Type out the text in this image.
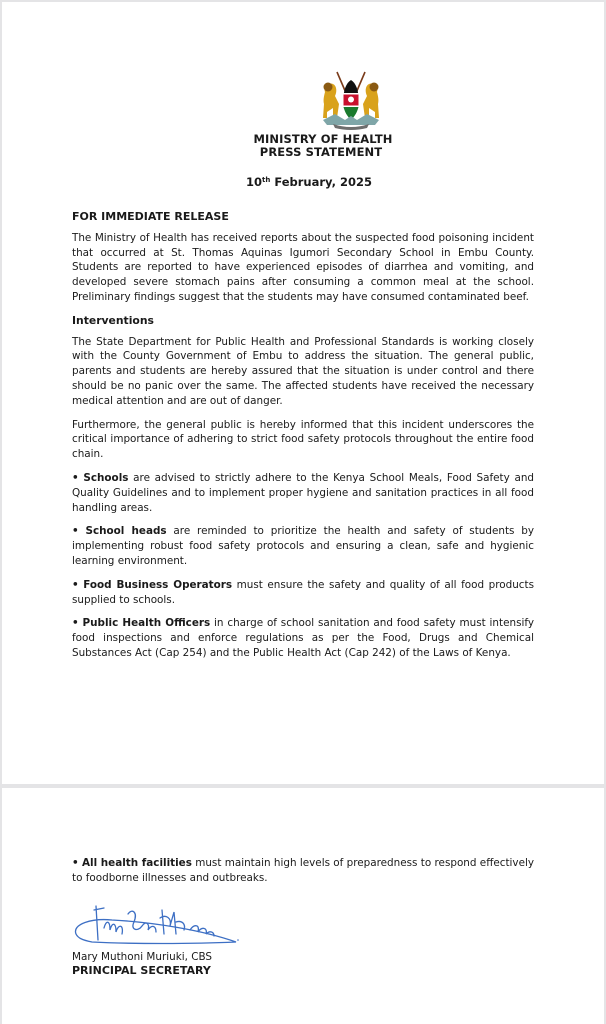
MINISTRY OF HEALTH
PRESS STATEMENT
10th February, 2025
FOR IMMEDIATE RELEASE

The Ministry of Health has received reports about the suspected food poisoning incident that occurred at St. Thomas Aquinas Igumori Secondary School in Embu County. Students are reported to have experienced episodes of diarrhea and vomiting, and developed severe stomach pains after consuming a common meal at the school. Preliminary findings suggest that the students may have consumed contaminated beef.

Interventions

The State Department for Public Health and Professional Standards is working closely with the County Government of Embu to address the situation. The general public, parents and students are hereby assured that the situation is under control and there should be no panic over the same. The affected students have received the necessary medical attention and are out of danger.

Furthermore, the general public is hereby informed that this incident underscores the critical importance of adhering to strict food safety protocols throughout the entire food chain.

• Schools are advised to strictly adhere to the Kenya School Meals, Food Safety and Quality Guidelines and to implement proper hygiene and sanitation practices in all food handling areas.

• School heads are reminded to prioritize the health and safety of students by implementing robust food safety protocols and ensuring a clean, safe and hygienic learning environment.

• Food Business Operators must ensure the safety and quality of all food products supplied to schools.

• Public Health Officers in charge of school sanitation and food safety must intensify food inspections and enforce regulations as per the Food, Drugs and Chemical Substances Act (Cap 254) and the Public Health Act (Cap 242) of the Laws of Kenya.

• All health facilities must maintain high levels of preparedness to respond effectively to foodborne illnesses and outbreaks.

Mary Muthoni Muriuki, CBS
PRINCIPAL SECRETARY
